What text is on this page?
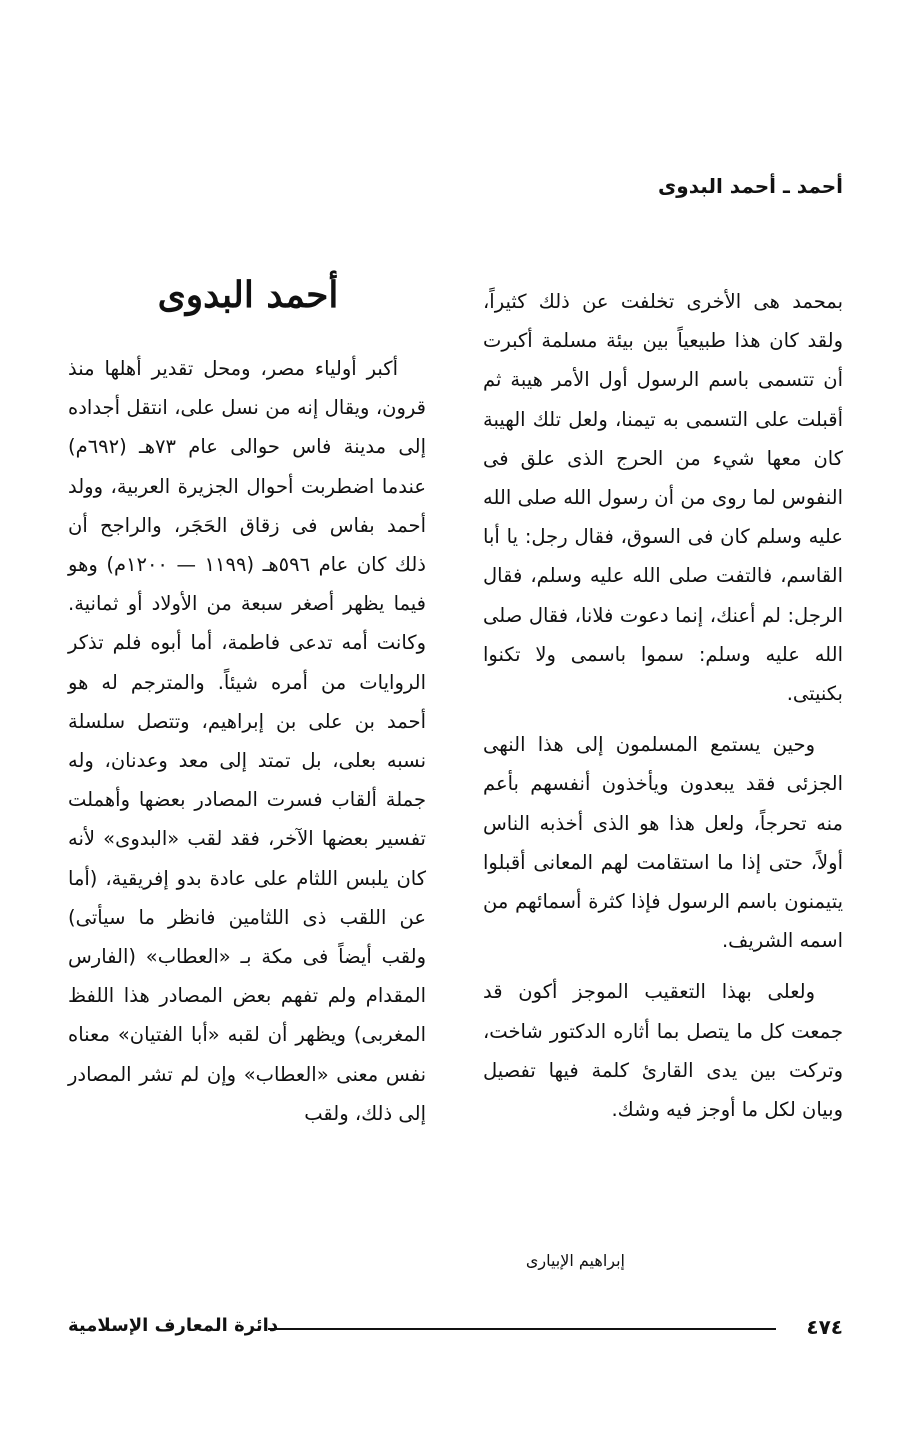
أحمد ـ أحمد البدوى

بمحمد هى الأخرى تخلفت عن ذلك كثيراً، ولقد كان هذا طبيعياً بين بيئة مسلمة أكبرت أن تتسمى باسم الرسول أول الأمر هيبة ثم أقبلت على التسمى به تيمنا، ولعل تلك الهيبة كان معها شيء من الحرج الذى علق فى النفوس لما روى من أن رسول الله صلى الله عليه وسلم كان فى السوق، فقال رجل: يا أبا القاسم، فالتفت صلى الله عليه وسلم، فقال الرجل: لم أعنك، إنما دعوت فلانا، فقال صلى الله عليه وسلم: سموا باسمى ولا تكنوا بكنيتى.

وحين يستمع المسلمون إلى هذا النهى الجزئى فقد يبعدون ويأخذون أنفسهم بأعم منه تحرجاً، ولعل هذا هو الذى أخذبه الناس أولاً، حتى إذا ما استقامت لهم المعانى أقبلوا يتيمنون باسم الرسول فإذا كثرة أسمائهم من اسمه الشريف.

ولعلى بهذا التعقيب الموجز أكون قد جمعت كل ما يتصل بما أثاره الدكتور شاخت، وتركت بين يدى القارئ كلمة فيها تفصيل وبيان لكل ما أوجز فيه وشك.

إبراهيم الإبيارى
أحمد البدوى

أكبر أولياء مصر، ومحل تقدير أهلها منذ قرون، ويقال إنه من نسل على، انتقل أجداده إلى مدينة فاس حوالى عام ٧٣هـ (٦٩٢م) عندما اضطربت أحوال الجزيرة العربية، وولد أحمد بفاس فى زقاق الحَجَر، والراجح أن ذلك كان عام ٥٩٦هـ (١١٩٩ — ١٢٠٠م) وهو فيما يظهر أصغر سبعة من الأولاد أو ثمانية. وكانت أمه تدعى فاطمة، أما أبوه فلم تذكر الروايات من أمره شيئاً. والمترجم له هو أحمد بن على بن إبراهيم، وتتصل سلسلة نسبه بعلى، بل تمتد إلى معد وعدنان، وله جملة ألقاب فسرت المصادر بعضها وأهملت تفسير بعضها الآخر، فقد لقب «البدوى» لأنه كان يلبس اللثام على عادة بدو إفريقية، (أما عن اللقب ذى اللثامين فانظر ما سيأتى) ولقب أيضاً فى مكة بـ «العطاب» (الفارس المقدام ولم تفهم بعض المصادر هذا اللفظ المغربى) ويظهر أن لقبه «أبا الفتيان» معناه نفس معنى «العطاب» وإن لم تشر المصادر إلى ذلك، ولقب

٤٧٤
دائرة المعارف الإسلامية
